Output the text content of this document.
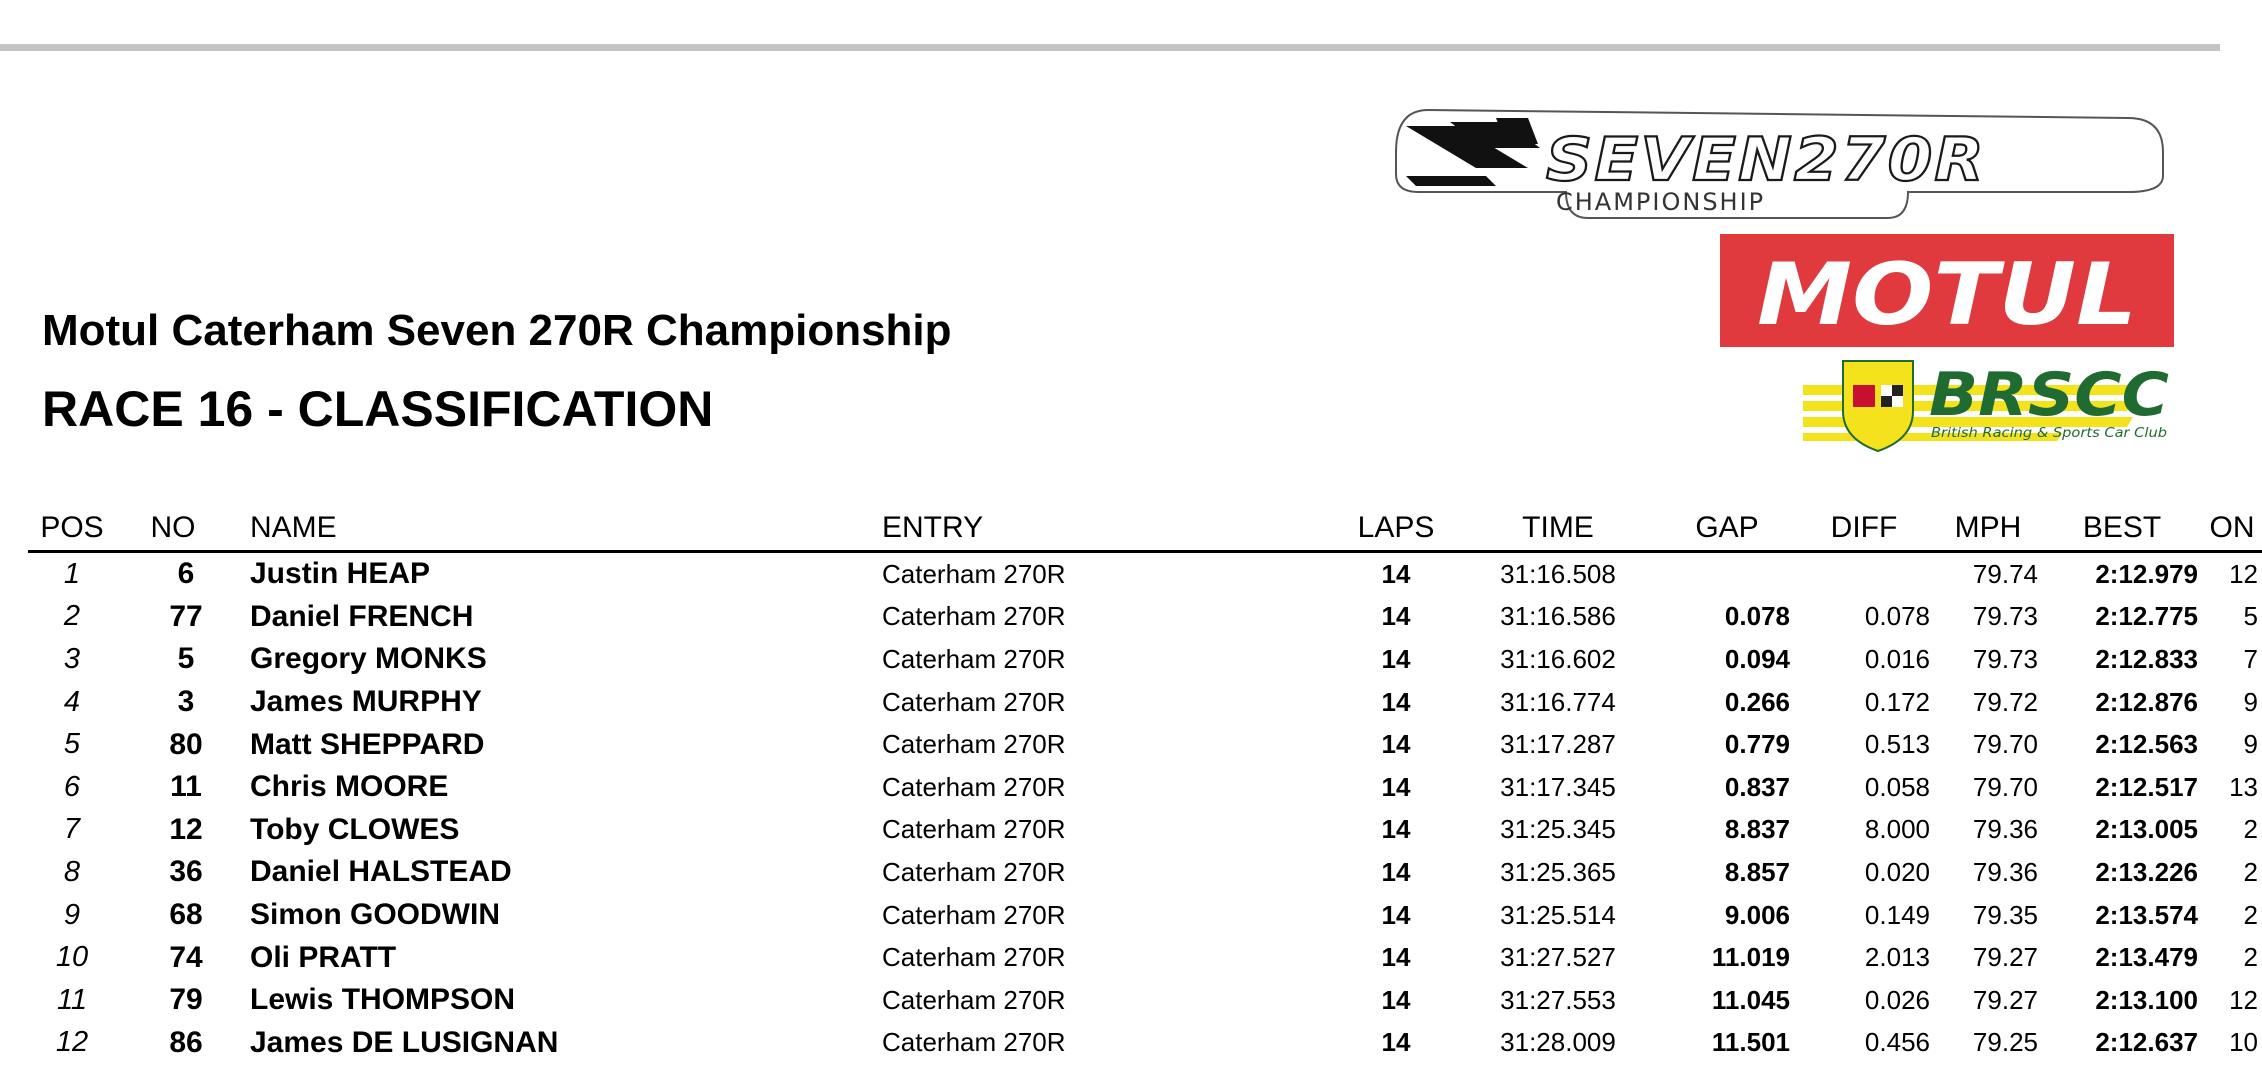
SEVEN270R
CHAMPIONSHIP
MOTUL
BRSCC
British Racing & Sports Car Club
Motul Caterham Seven 270R Championship
RACE 16 - CLASSIFICATION
POS	NO	NAME	ENTRY	LAPS	TIME	GAP	DIFF	MPH	BEST	ON
1	6	Justin HEAP	Caterham 270R	14	31:16.508			79.74	2:12.979	12
2	77	Daniel FRENCH	Caterham 270R	14	31:16.586	0.078	0.078	79.73	2:12.775	5
3	5	Gregory MONKS	Caterham 270R	14	31:16.602	0.094	0.016	79.73	2:12.833	7
4	3	James MURPHY	Caterham 270R	14	31:16.774	0.266	0.172	79.72	2:12.876	9
5	80	Matt SHEPPARD	Caterham 270R	14	31:17.287	0.779	0.513	79.70	2:12.563	9
6	11	Chris MOORE	Caterham 270R	14	31:17.345	0.837	0.058	79.70	2:12.517	13
7	12	Toby CLOWES	Caterham 270R	14	31:25.345	8.837	8.000	79.36	2:13.005	2
8	36	Daniel HALSTEAD	Caterham 270R	14	31:25.365	8.857	0.020	79.36	2:13.226	2
9	68	Simon GOODWIN	Caterham 270R	14	31:25.514	9.006	0.149	79.35	2:13.574	2
10	74	Oli PRATT	Caterham 270R	14	31:27.527	11.019	2.013	79.27	2:13.479	2
11	79	Lewis THOMPSON	Caterham 270R	14	31:27.553	11.045	0.026	79.27	2:13.100	12
12	86	James DE LUSIGNAN	Caterham 270R	14	31:28.009	11.501	0.456	79.25	2:12.637	10
